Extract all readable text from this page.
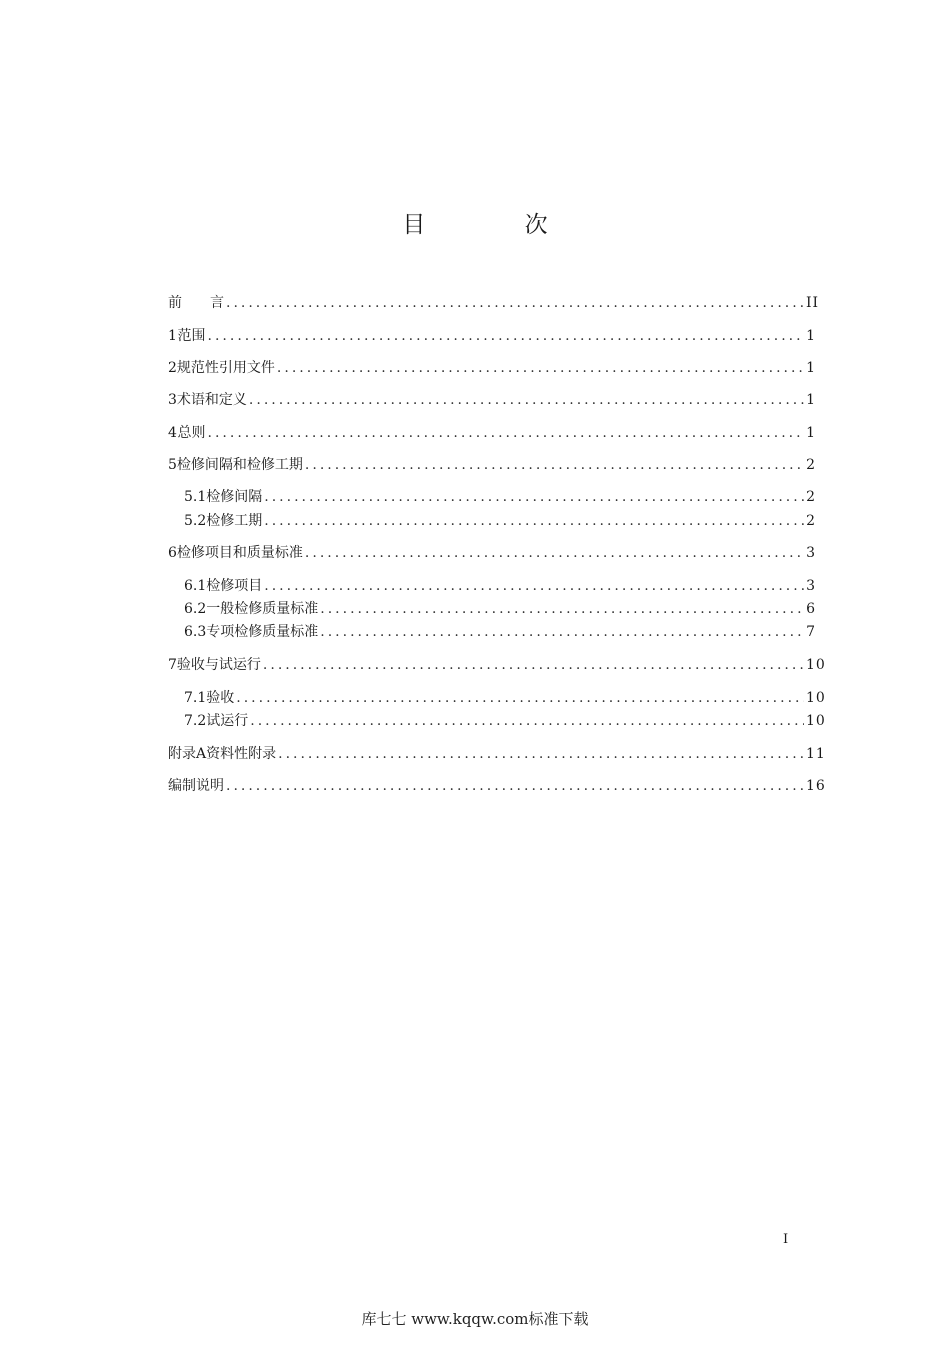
目 次
前　　言 .....	II
1 范围 .....	1
2 规范性引用文件 .....	1
3 术语和定义 .....	1
4 总则 .....	1
5 检修间隔和检修工期 .....	2
5.1 检修间隔 .....	2
5.2 检修工期 .....	2
6 检修项目和质量标准 .....	3
6.1 检修项目 .....	3
6.2 一般检修质量标准 .....	6
6.3 专项检修质量标准 .....	7
7 验收与试运行 .....	10
7.1 验收 .....	10
7.2 试运行 .....	10
附录A 资料性附录 .....	11
编制说明 .....	16
I
库七七 www.kqqw.com标准下载
